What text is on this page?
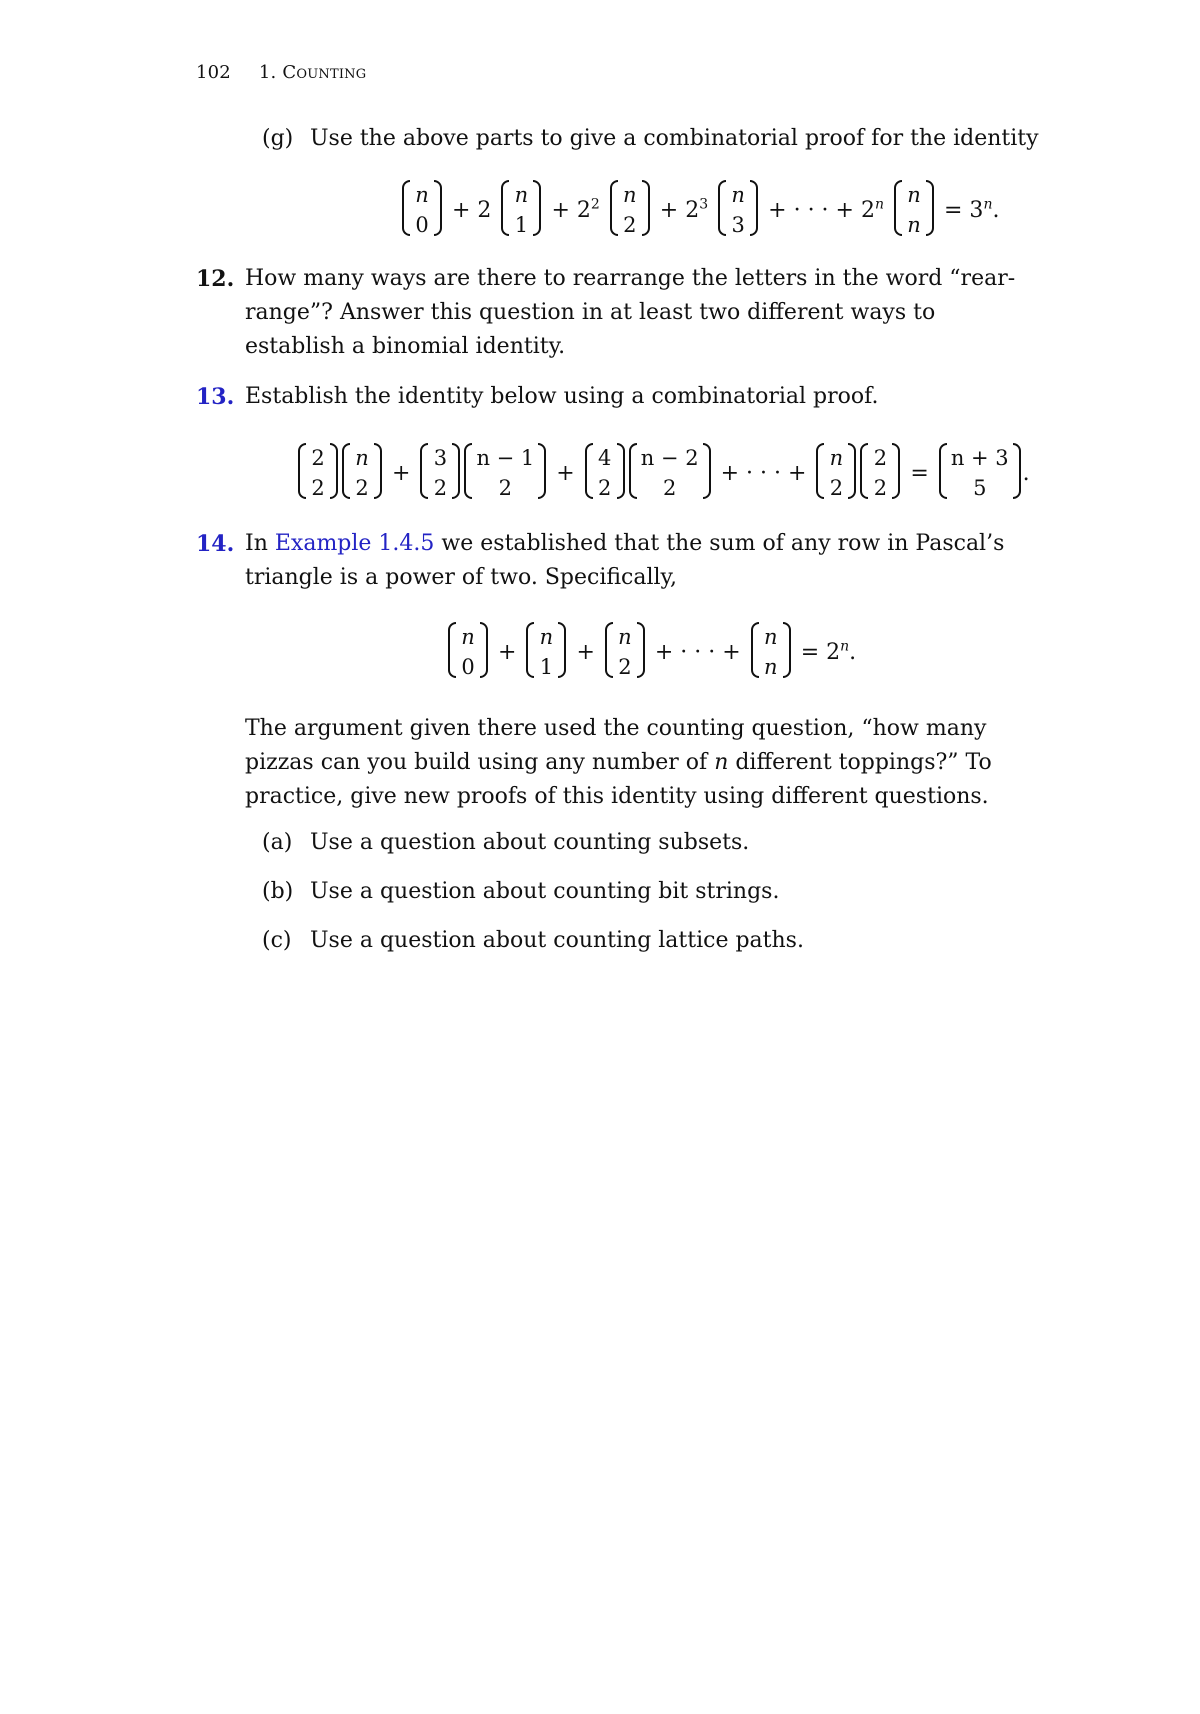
102 1. Counting
(g) Use the above parts to give a combinatorial proof for the identity
n
0
+ 2
n
1
+ $2^2$ n
2
+ $2^3$ n
3
+ · · · + $2^n$ n
n
= $3^n$.
12. How many ways are there to rearrange the letters in the word “rear-range”? Answer this question in at least two different ways to establish a binomial identity.
13. Establish the identity below using a combinatorial proof.
2
2
n
2
+
3
2
n − 1
2
+
4
2
n − 2
2
+ · · · +
n
2
2
2
=
n + 3
5
.
14. In Example 1.4.5 we established that the sum of any row in Pascal’s triangle is a power of two. Specifically,
n
0
+
n
1
+
n
2
+ · · · +
n
n
= $2^n$.
The argument given there used the counting question, “how many pizzas can you build using any number of n different toppings?” To practice, give new proofs of this identity using different questions.
(a) Use a question about counting subsets.
(b) Use a question about counting bit strings.
(c) Use a question about counting lattice paths.
